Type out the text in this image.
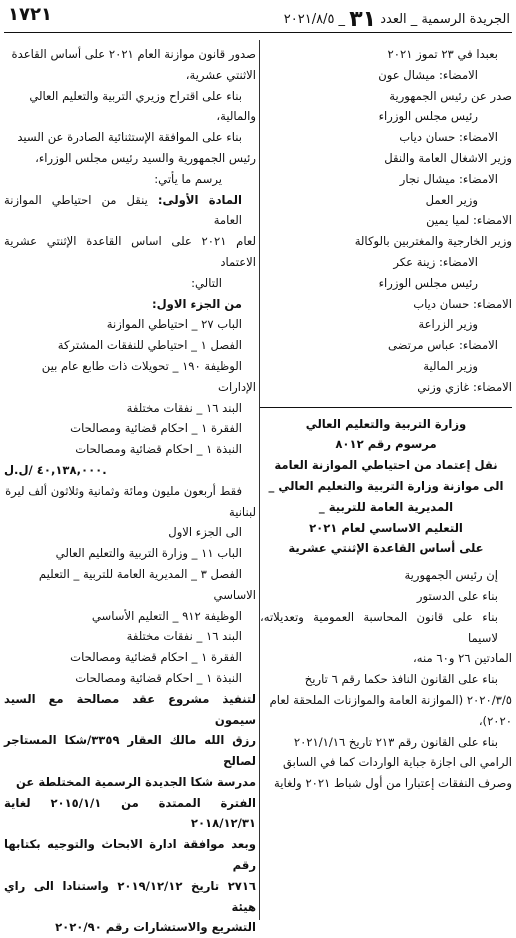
الجريدة الرسمية _ العدد ٣١ _ ٢٠٢١/٨/٥
١٧٢١

بعبدا في ٢٣ تموز ٢٠٢١

الامضاء: ميشال عون

صدر عن رئيس الجمهورية

رئيس مجلس الوزراء

الامضاء: حسان دياب

وزير الاشغال العامة والنقل

الامضاء: ميشال نجار

وزير العمل

الامضاء: لميا يمين

وزير الخارجية والمغتربين بالوكالة

الامضاء: زينة عكر

رئيس مجلس الوزراء

الامضاء: حسان دياب

وزير الزراعة

الامضاء: عباس مرتضى

وزير المالية

الامضاء: غازي وزني

وزارة التربية والتعليم العالي

مرسوم رقم ٨٠١٢

نقل إعتماد من احتياطي الموازنة العامة

الى موازنة وزارة التربية والتعليم العالي _

المديرية العامة للتربية _

التعليم الاساسي لعام ٢٠٢١

على أساس القاعدة الإثنتي عشرية

إن رئيس الجمهورية

بناء على الدستور

بناء على قانون المحاسبة العمومية وتعديلاته، لاسيما

المادتين ٢٦ و٦٠ منه،

بناء على القانون النافذ حكما رقم ٦ تاريخ

٢٠٢٠/٣/٥ (الموازنة العامة والموازنات الملحقة لعام

٢٠٢٠)،

بناء على القانون رقم ٢١٣ تاريخ ٢٠٢١/١/١٦

الرامي الى اجازة جباية الواردات كما في السابق

وصرف النفقات إعتبارا من أول شباط ٢٠٢١ ولغاية

صدور قانون موازنة العام ٢٠٢١ على أساس القاعدة

الاثنتي عشرية،

بناء على اقتراح وزيري التربية والتعليم العالي

والمالية،

بناء على الموافقة الإستثنائية الصادرة عن السيد

رئيس الجمهورية والسيد رئيس مجلس الوزراء،

يرسم ما يأتي:

المادة الأولى: ينقل من احتياطي الموازنة العامة

لعام ٢٠٢١ على اساس القاعدة الإثنتي عشرية الاعتماد

التالي:

من الجزء الاول:

الباب ٢٧ _ احتياطي الموازنة

الفصل ١ _ احتياطي للنفقات المشتركة

الوظيفة ١٩٠ _ تحويلات ذات طابع عام بين

الإدارات

البند ١٦ _ نفقات مختلفة

الفقرة ١ _ احكام قضائية ومصالحات

النبذة ١ _ احكام قضائية ومصالحات

٤٠,١٣٨,٠٠٠ /ل.ل.

فقط أربعون مليون ومائة وثمانية وثلاثون ألف ليرة

لبنانية

الى الجزء الاول

الباب ١١ _ وزارة التربية والتعليم العالي

الفصل ٣ _ المديرية العامة للتربية _ التعليم

الاساسي

الوظيفة ٩١٢ _ التعليم الأساسي

البند ١٦ _ نفقات مختلفة

الفقرة ١ _ احكام قضائية ومصالحات

النبذة ١ _ احكام قضائية ومصالحات

لتنفيذ مشروع عقد مصالحة مع السيد سيمون

رزق الله مالك العقار ٣٣٥٩/شكا المستاجر لصالح

مدرسة شكا الجديدة الرسمية المختلطة عن

الفترة الممتدة من ٢٠١٥/١/١ لغاية ٢٠١٨/١٢/٣١

وبعد موافقة ادارة الابحاث والتوجيه بكتابها رقم

٢٧١٦ تاريخ ٢٠١٩/١٢/١٢ واستنادا الى راي هيئة

التشريع والاستشارات رقم ٢٠٢٠/٩٠
